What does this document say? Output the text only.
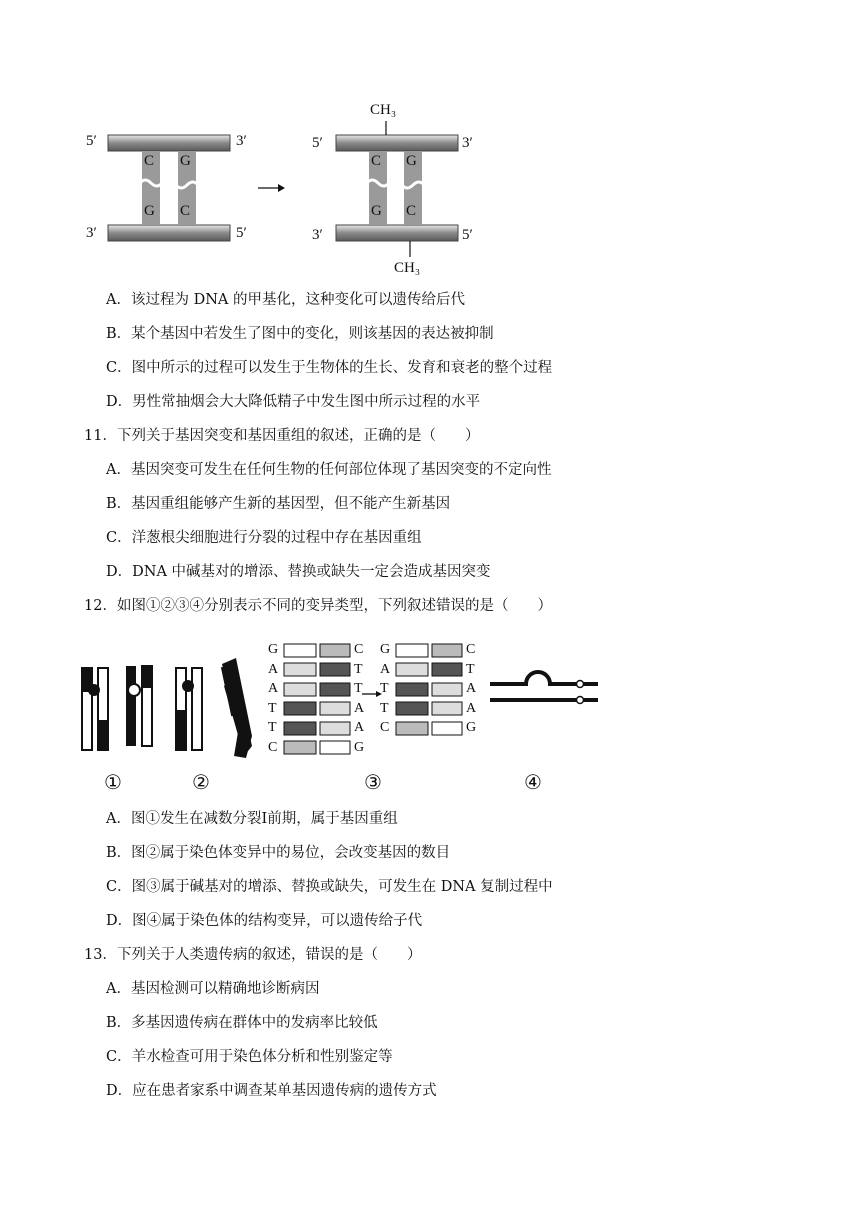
5′	3′
3′	5′
C G
G C
5′	3′
3′	5′
CH₃
CH₃
C G
G C
A．该过程为 DNA 的甲基化，这种变化可以遗传给后代
B．某个基因中若发生了图中的变化，则该基因的表达被抑制
C．图中所示的过程可以发生于生物体的生长、发育和衰老的整个过程
D．男性常抽烟会大大降低精子中发生图中所示过程的水平
11．下列关于基因突变和基因重组的叙述，正确的是（　　）
A．基因突变可发生在任何生物的任何部位体现了基因突变的不定向性
B．基因重组能够产生新的基因型，但不能产生新基因
C．洋葱根尖细胞进行分裂的过程中存在基因重组
D．DNA 中碱基对的增添、替换或缺失一定会造成基因突变
12．如图①②③④分别表示不同的变异类型，下列叙述错误的是（　　）
G
A
A
T
T
C
C
T
T
A
A
G
G
A
T
T
C
C
T
A
A
G
①	②	③	④
A．图①发生在减数分裂Ⅰ前期，属于基因重组
B．图②属于染色体变异中的易位，会改变基因的数目
C．图③属于碱基对的增添、替换或缺失，可发生在 DNA 复制过程中
D．图④属于染色体的结构变异，可以遗传给子代
13．下列关于人类遗传病的叙述，错误的是（　　）
A．基因检测可以精确地诊断病因
B．多基因遗传病在群体中的发病率比较低
C．羊水检查可用于染色体分析和性别鉴定等
D．应在患者家系中调查某单基因遗传病的遗传方式
